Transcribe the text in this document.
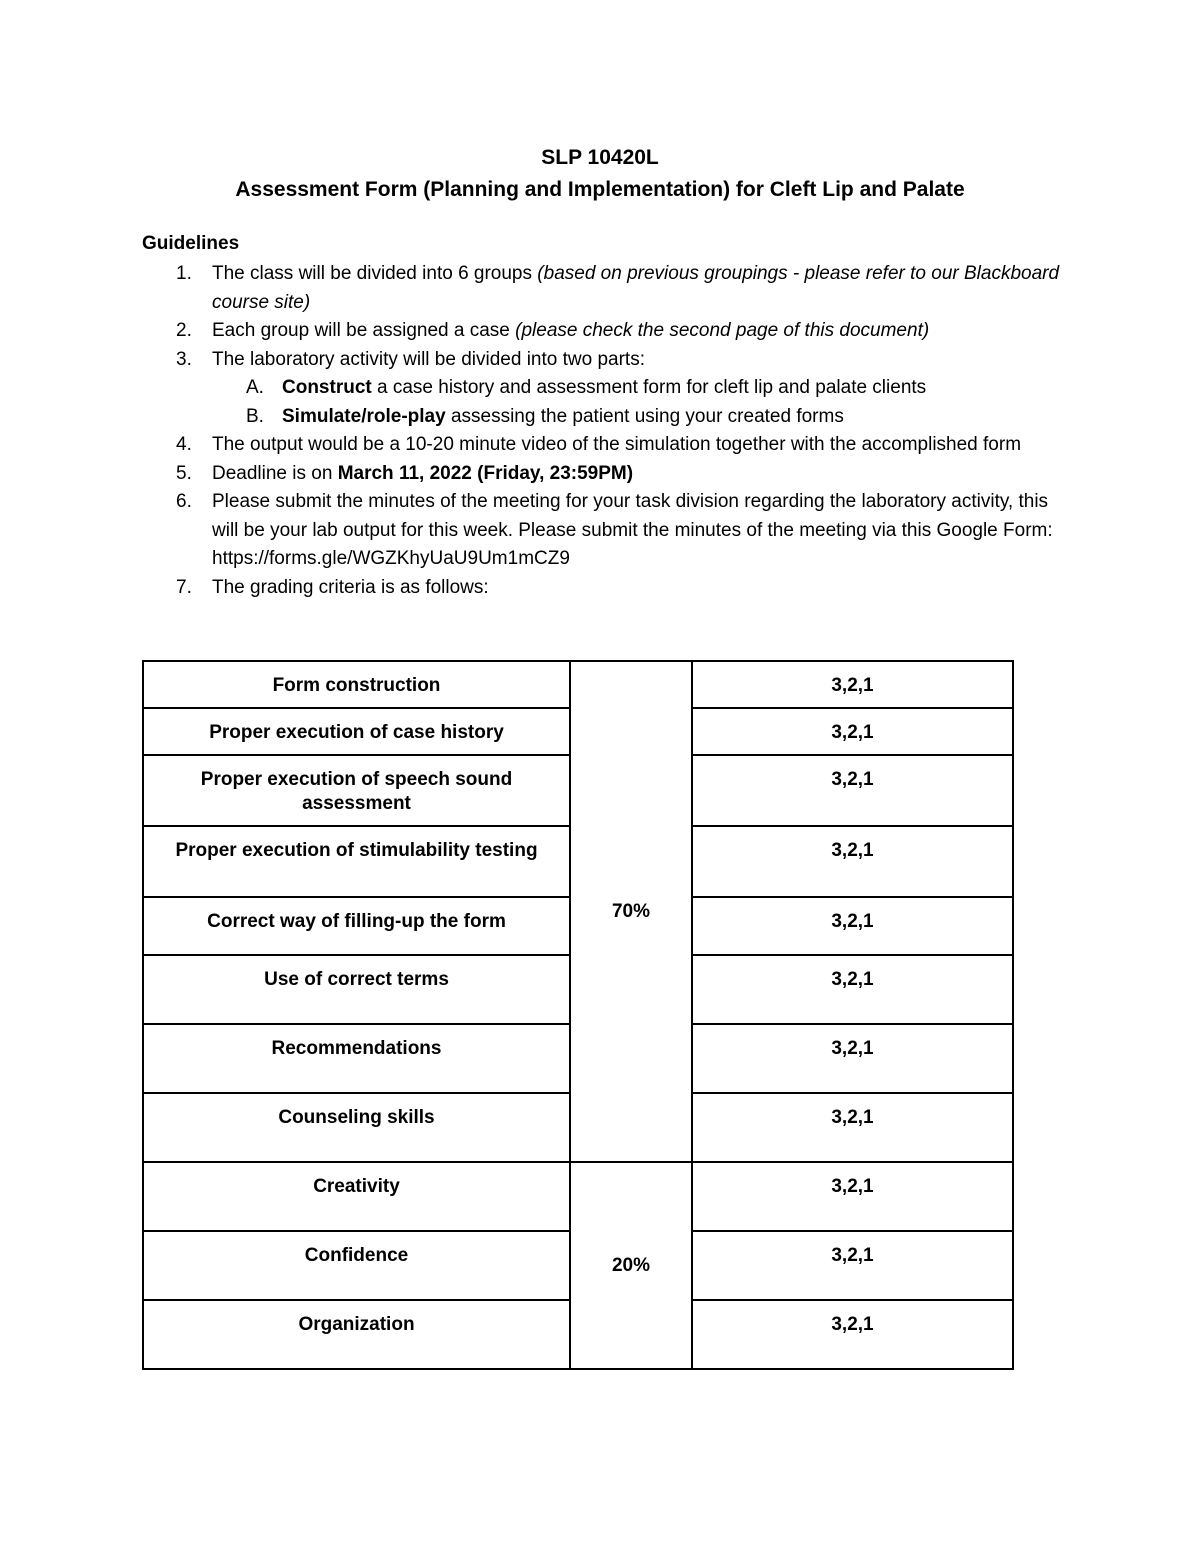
SLP 10420L
Assessment Form (Planning and Implementation) for Cleft Lip and Palate
Guidelines
1. The class will be divided into 6 groups (based on previous groupings - please refer to our Blackboard course site)
2. Each group will be assigned a case (please check the second page of this document)
3. The laboratory activity will be divided into two parts:
A. Construct a case history and assessment form for cleft lip and palate clients
B. Simulate/role-play assessing the patient using your created forms
4. The output would be a 10-20 minute video of the simulation together with the accomplished form
5. Deadline is on March 11, 2022 (Friday, 23:59PM)
6. Please submit the minutes of the meeting for your task division regarding the laboratory activity, this will be your lab output for this week. Please submit the minutes of the meeting via this Google Form: https://forms.gle/WGZKhyUaU9Um1mCZ9
7. The grading criteria is as follows:
Form construction	70%	3,2,1
Proper execution of case history		3,2,1
Proper execution of speech sound assessment		3,2,1
Proper execution of stimulability testing		3,2,1
Correct way of filling-up the form		3,2,1
Use of correct terms		3,2,1
Recommendations		3,2,1
Counseling skills		3,2,1
Creativity	20%	3,2,1
Confidence		3,2,1
Organization		3,2,1
